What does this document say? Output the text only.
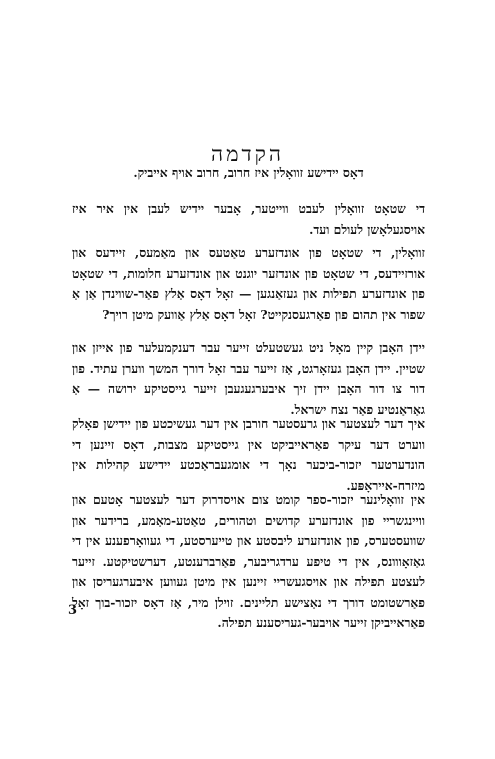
הקדמה

דאָס יידישע זוואָלין איז חרוב, חרוב אויף אייביק.

די שטאָט זוואָלין לעבט ווייטער, אָבער יידיש לעבן אין איר איז אויסגעלאָשן לעולם ועד.

זוואָלין, די שטאָט פון אונדזערע טאַטעס און מאַמעס, זיידעס און אורזיידעס, די שטאָט פון אונדזער יוגנט און אונדזערע חלומות, די שטאָט פון אונדזערע תפילות און געזאַנגען — זאָל דאָס אַלץ פאַר-שווינדן אַן אַ שפור אין תהום פון פאַרגעסנקייט? זאָל דאָס אַלץ אַוועק מיטן רויך?

יידן האָבן קיין מאָל ניט געשטעלט זייער עבר דענקמעלער פון אייזן און שטיין. יידן האָבן געזאָרגט, אַז זייער עבר זאָל דורך המשך ווערן עתיד. פון דור צו דור האָבן יידן זיך איבערגעגעבן זייער גייסטיקע ירושה — אַ גאַראַנטיע פאַר נצח ישראל.

איך דער לעצטער און גרעסטער חורבן אין דער געשיכטע פון יידישן פאָלק ווערט דער עיקר פאַראייביקט אין גייסטיקע מצבות, דאָס זיינען די הונדערטער יזכור-ביכער נאָך די אומגעבראַכטע יידישע קהילות אין מיזרח-אייראָפּע.

אין זוואָלינער יזכור-ספר קומט צום אויסדרוק דער לעצטער אָטעם און וויינגשריי פון אונדזערע קדושים וטהורים, טאַטע-מאַמע, ברידער און שוועסטערס, פון אונדזערע ליבסטע און טייערסטע, די געוואָרפענע אין די גאַזאָווונס, אין די טיפע ערדגריבער, פאַרברענטע, דערשטיקטע. זייער לעצטע תפילה און אויסגעשריי זיינען אין מיטן געווען איבערגעריסן און פאַרשטומט דורך די נאַצישע תליינים. זוילן מיר, אַז דאָס יזכור-בוך זאָל פאַראייביקן זייער אויבער-געריסענע תפילה.

3
